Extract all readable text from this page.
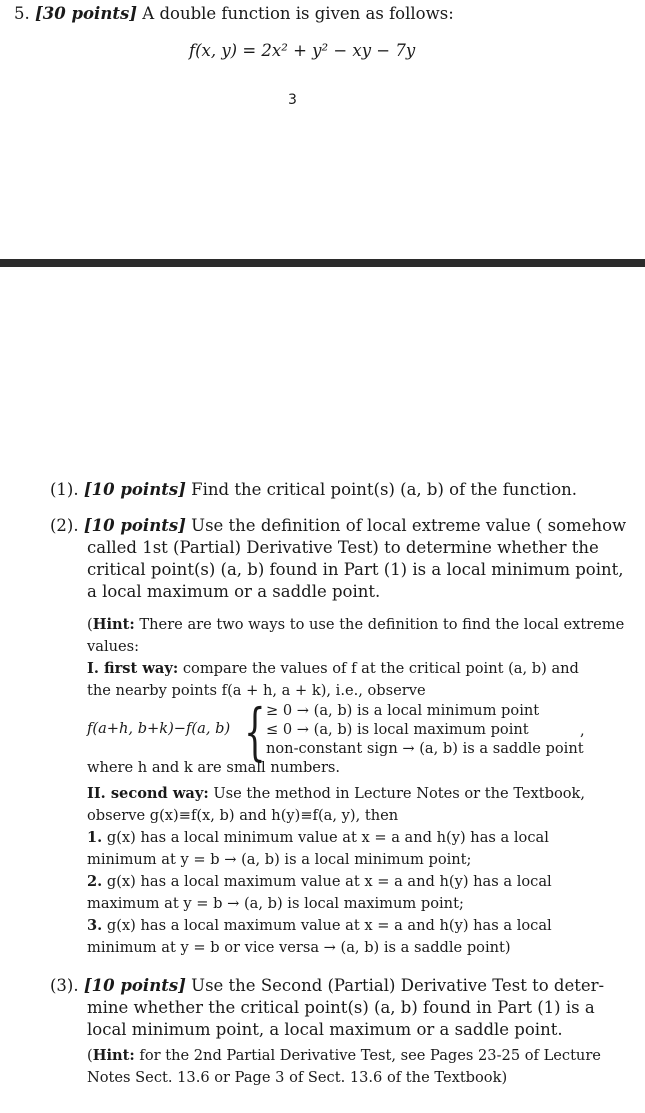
5. [30 points] A double function is given as follows:
f(x, y) = 2x² + y² − xy − 7y
3
(1). [10 points] Find the critical point(s) (a, b) of the function.
(2). [10 points] Use the definition of local extreme value ( somehow
called 1st (Partial) Derivative Test) to determine whether the
critical point(s) (a, b) found in Part (1) is a local minimum point,
a local maximum or a saddle point.
(Hint: There are two ways to use the definition to find the local extreme
values:
I. first way: compare the values of f at the critical point (a, b) and
the nearby points f(a + h, a + k), i.e., observe
f(a+h, b+k)−f(a, b) { ≥ 0 → (a, b) is a local minimum point
≤ 0 → (a, b) is local maximum point
non-constant sign → (a, b) is a saddle point
,
where h and k are small numbers.
II. second way: Use the method in Lecture Notes or the Textbook,
observe g(x)≡f(x, b) and h(y)≡f(a, y), then
1. g(x) has a local minimum value at x = a and h(y) has a local
minimum at y = b → (a, b) is a local minimum point;
2. g(x) has a local maximum value at x = a and h(y) has a local
maximum at y = b → (a, b) is local maximum point;
3. g(x) has a local maximum value at x = a and h(y) has a local
minimum at y = b or vice versa → (a, b) is a saddle point)
(3). [10 points] Use the Second (Partial) Derivative Test to deter-
mine whether the critical point(s) (a, b) found in Part (1) is a
local minimum point, a local maximum or a saddle point.
(Hint: for the 2nd Partial Derivative Test, see Pages 23-25 of Lecture
Notes Sect. 13.6 or Page 3 of Sect. 13.6 of the Textbook)
